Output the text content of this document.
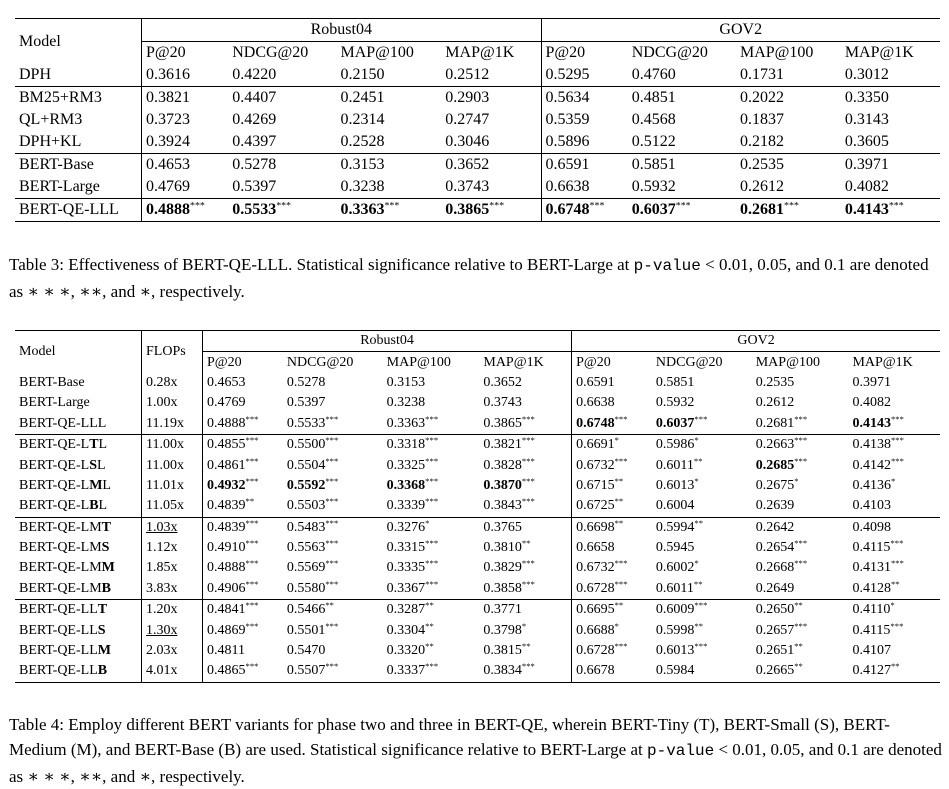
Model	Robust04				GOV2			
	P@20	NDCG@20	MAP@100	MAP@1K	P@20	NDCG@20	MAP@100	MAP@1K
DPH	0.3616	0.4220	0.2150	0.2512	0.5295	0.4760	0.1731	0.3012
BM25+RM3	0.3821	0.4407	0.2451	0.2903	0.5634	0.4851	0.2022	0.3350
QL+RM3	0.3723	0.4269	0.2314	0.2747	0.5359	0.4568	0.1837	0.3143
DPH+KL	0.3924	0.4397	0.2528	0.3046	0.5896	0.5122	0.2182	0.3605
BERT-Base	0.4653	0.5278	0.3153	0.3652	0.6591	0.5851	0.2535	0.3971
BERT-Large	0.4769	0.5397	0.3238	0.3743	0.6638	0.5932	0.2612	0.4082
BERT-QE-LLL	0.4888***	0.5533***	0.3363***	0.3865***	0.6748***	0.6037***	0.2681***	0.4143***
Table 3: Effectiveness of BERT-QE-LLL. Statistical significance relative to BERT-Large at p-value < 0.01, 0.05, and 0.1 are denoted as ∗ ∗ ∗, ∗∗, and ∗, respectively.
Model	FLOPs	Robust04				GOV2			
		P@20	NDCG@20	MAP@100	MAP@1K	P@20	NDCG@20	MAP@100	MAP@1K
BERT-Base	0.28x	0.4653	0.5278	0.3153	0.3652	0.6591	0.5851	0.2535	0.3971
BERT-Large	1.00x	0.4769	0.5397	0.3238	0.3743	0.6638	0.5932	0.2612	0.4082
BERT-QE-LLL	11.19x	0.4888***	0.5533***	0.3363***	0.3865***	0.6748***	0.6037***	0.2681***	0.4143***
BERT-QE-LTL	11.00x	0.4855***	0.5500***	0.3318***	0.3821***	0.6691*	0.5986*	0.2663***	0.4138***
BERT-QE-LSL	11.00x	0.4861***	0.5504***	0.3325***	0.3828***	0.6732***	0.6011**	0.2685***	0.4142***
BERT-QE-LML	11.01x	0.4932***	0.5592***	0.3368***	0.3870***	0.6715**	0.6013*	0.2675*	0.4136*
BERT-QE-LBL	11.05x	0.4839**	0.5503***	0.3339***	0.3843***	0.6725**	0.6004	0.2639	0.4103
BERT-QE-LMT	1.03x	0.4839***	0.5483***	0.3276*	0.3765	0.6698**	0.5994**	0.2642	0.4098
BERT-QE-LMS	1.12x	0.4910***	0.5563***	0.3315***	0.3810**	0.6658	0.5945	0.2654***	0.4115***
BERT-QE-LMM	1.85x	0.4888***	0.5569***	0.3335***	0.3829***	0.6732***	0.6002*	0.2668***	0.4131***
BERT-QE-LMB	3.83x	0.4906***	0.5580***	0.3367***	0.3858***	0.6728***	0.6011**	0.2649	0.4128**
BERT-QE-LLT	1.20x	0.4841***	0.5466**	0.3287**	0.3771	0.6695**	0.6009***	0.2650**	0.4110*
BERT-QE-LLS	1.30x	0.4869***	0.5501***	0.3304**	0.3798*	0.6688*	0.5998**	0.2657***	0.4115***
BERT-QE-LLM	2.03x	0.4811	0.5470	0.3320**	0.3815**	0.6728***	0.6013***	0.2651**	0.4107
BERT-QE-LLB	4.01x	0.4865***	0.5507***	0.3337***	0.3834***	0.6678	0.5984	0.2665**	0.4127**
Table 4: Employ different BERT variants for phase two and three in BERT-QE, wherein BERT-Tiny (T), BERT-Small (S), BERT-Medium (M), and BERT-Base (B) are used. Statistical significance relative to BERT-Large at p-value < 0.01, 0.05, and 0.1 are denoted as ∗ ∗ ∗, ∗∗, and ∗, respectively.
